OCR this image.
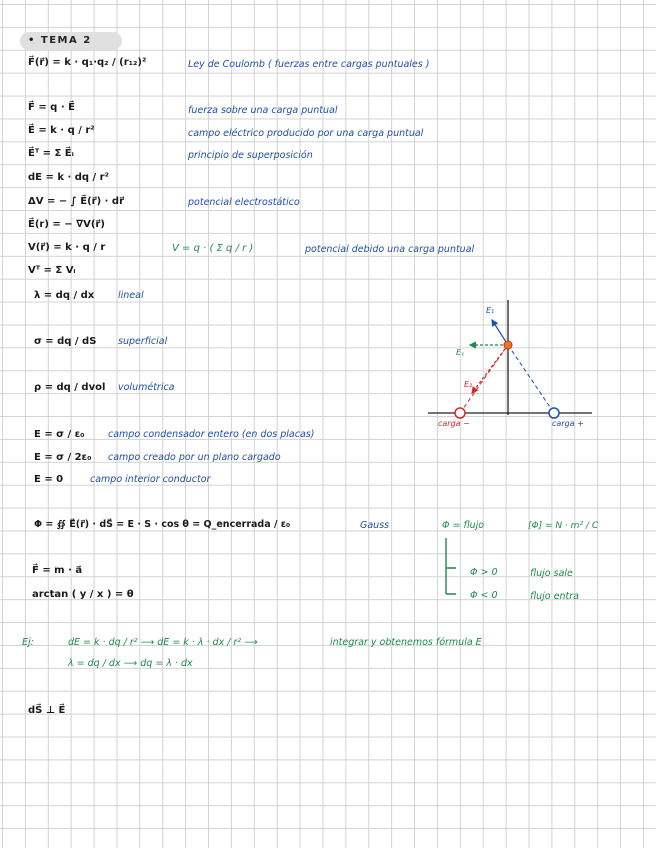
• TEMA 2
F⃗(r⃗) = k · q₁·q₂ / (r₁₂)²	Ley de Coulomb ( fuerzas entre cargas puntuales )
F⃗ = q · E⃗	fuerza sobre una carga puntual
E⃗ = k · q / r²	campo eléctrico producido por una carga puntual
E⃗ᵀ = Σ E⃗ᵢ	principio de superposición
dE = k · dq / r²
ΔV = − ∫ E⃗(r⃗) · dr⃗	potencial electrostático
E⃗(r) = − ∇V(r⃗)
V(r⃗) = k · q / r	V = q · ( Σ q / r )	potencial debido una carga puntual
Vᵀ = Σ Vᵢ
λ = dq / dx	lineal
σ = dq / dS superficial
ρ = dq / dvol volumétrica
E = σ / ε₀ campo condensador entero (en dos placas)
E = σ / 2ε₀ campo creado por un plano cargado
E = 0	campo interior conductor
Φ = ∯ E⃗(r⃗) · dS⃗ = E · S · cos θ = Q_encerrada / ε₀	Gauss	Φ = flujo	[Φ] = N · m² / C
Φ > 0	flujo sale
Φ < 0	flujo entra
F⃗ = m · a⃗
arctan ( y / x ) = θ
Ej:	dE = k · dq / r² ⟶ dE = k · λ · dx / r² ⟶	integrar y obtenemos fórmula E
λ = dq / dx ⟶ dq = λ · dx
dS⃗ ⊥ E⃗
E₁
E₂
Eᵧ
carga −	carga +
